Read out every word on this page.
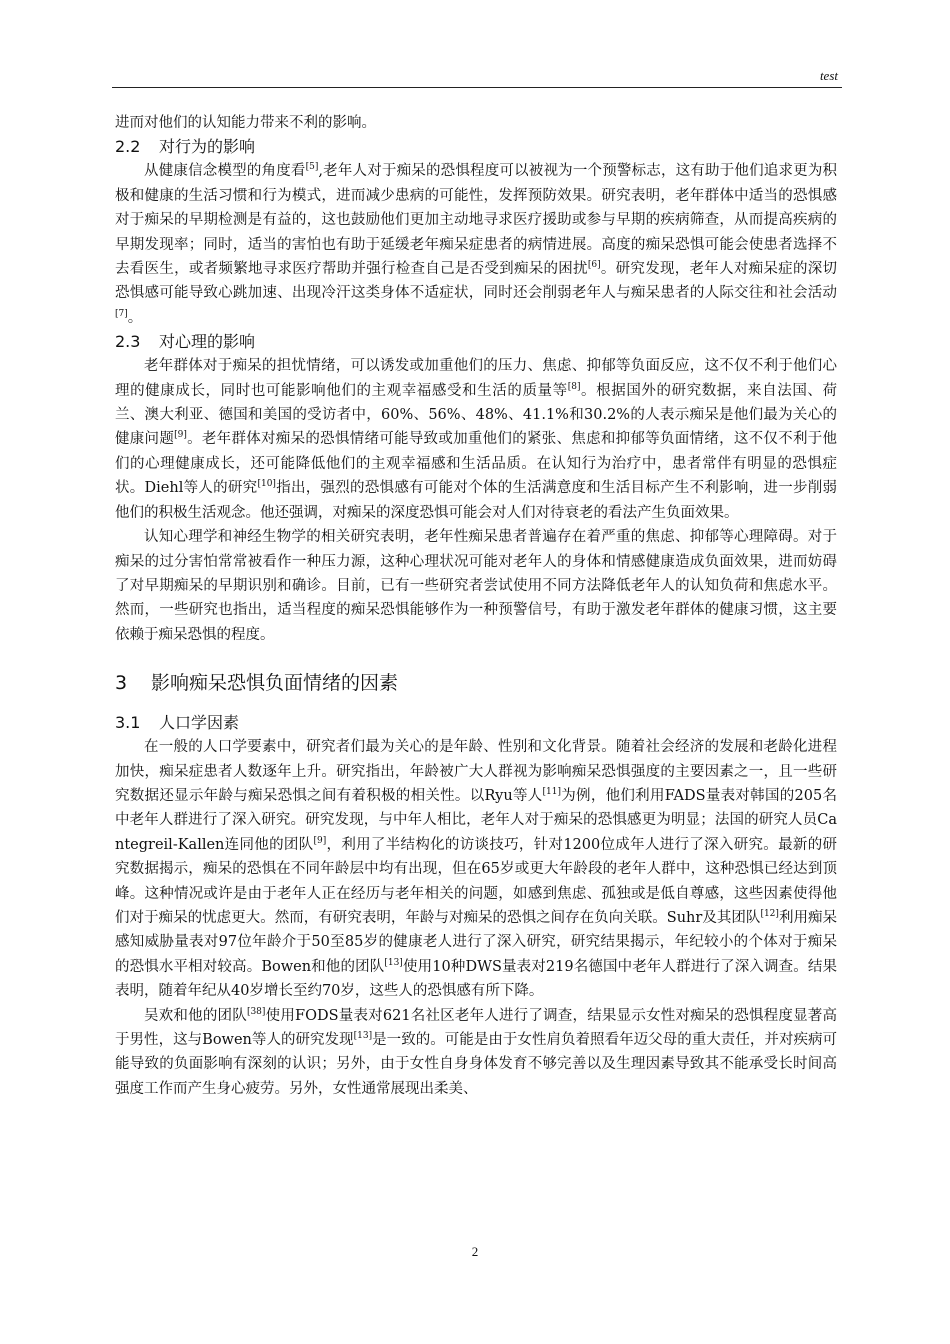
test

进而对他们的认知能力带来不利的影响。

2.2 对行为的影响

从健康信念模型的角度看[5],老年人对于痴呆的恐惧程度可以被视为一个预警标志，这有助于他们追求更为积极和健康的生活习惯和行为模式，进而减少患病的可能性，发挥预防效果。研究表明，老年群体中适当的恐惧感对于痴呆的早期检测是有益的，这也鼓励他们更加主动地寻求医疗援助或参与早期的疾病筛查，从而提高疾病的早期发现率；同时，适当的害怕也有助于延缓老年痴呆症患者的病情进展。高度的痴呆恐惧可能会使患者选择不去看医生，或者频繁地寻求医疗帮助并强行检查自己是否受到痴呆的困扰[6]。研究发现，老年人对痴呆症的深切恐惧感可能导致心跳加速、出现冷汗这类身体不适症状，同时还会削弱老年人与痴呆患者的人际交往和社会活动[7]。

2.3 对心理的影响

老年群体对于痴呆的担忧情绪，可以诱发或加重他们的压力、焦虑、抑郁等负面反应，这不仅不利于他们心理的健康成长，同时也可能影响他们的主观幸福感受和生活的质量等[8]。根据国外的研究数据，来自法国、荷兰、澳大利亚、德国和美国的受访者中，60%、56%、48%、41.1%和30.2%的人表示痴呆是他们最为关心的健康问题[9]。老年群体对痴呆的恐惧情绪可能导致或加重他们的紧张、焦虑和抑郁等负面情绪，这不仅不利于他们的心理健康成长，还可能降低他们的主观幸福感和生活品质。在认知行为治疗中，患者常伴有明显的恐惧症状。Diehl等人的研究[10]指出，强烈的恐惧感有可能对个体的生活满意度和生活目标产生不利影响，进一步削弱他们的积极生活观念。他还强调，对痴呆的深度恐惧可能会对人们对待衰老的看法产生负面效果。

认知心理学和神经生物学的相关研究表明，老年性痴呆患者普遍存在着严重的焦虑、抑郁等心理障碍。对于痴呆的过分害怕常常被看作一种压力源，这种心理状况可能对老年人的身体和情感健康造成负面效果，进而妨碍了对早期痴呆的早期识别和确诊。目前，已有一些研究者尝试使用不同方法降低老年人的认知负荷和焦虑水平。然而，一些研究也指出，适当程度的痴呆恐惧能够作为一种预警信号，有助于激发老年群体的健康习惯，这主要依赖于痴呆恐惧的程度。

3 影响痴呆恐惧负面情绪的因素
3.1 人口学因素

在一般的人口学要素中，研究者们最为关心的是年龄、性别和文化背景。随着社会经济的发展和老龄化进程加快，痴呆症患者人数逐年上升。研究指出，年龄被广大人群视为影响痴呆恐惧强度的主要因素之一，且一些研究数据还显示年龄与痴呆恐惧之间有着积极的相关性。以Ryu等人[11]为例，他们利用FADS量表对韩国的205名中老年人群进行了深入研究。研究发现，与中年人相比，老年人对于痴呆的恐惧感更为明显；法国的研究人员Cantegreil-Kallen连同他的团队[9]，利用了半结构化的访谈技巧，针对1200位成年人进行了深入研究。最新的研究数据揭示，痴呆的恐惧在不同年龄层中均有出现，但在65岁或更大年龄段的老年人群中，这种恐惧已经达到顶峰。这种情况或许是由于老年人正在经历与老年相关的问题，如感到焦虑、孤独或是低自尊感，这些因素使得他们对于痴呆的忧虑更大。然而，有研究表明，年龄与对痴呆的恐惧之间存在负向关联。Suhr及其团队[12]利用痴呆感知威胁量表对97位年龄介于50至85岁的健康老人进行了深入研究，研究结果揭示，年纪较小的个体对于痴呆的恐惧水平相对较高。Bowen和他的团队[13]使用10种DWS量表对219名德国中老年人群进行了深入调查。结果表明，随着年纪从40岁增长至约70岁，这些人的恐惧感有所下降。

吴欢和他的团队[38]使用FODS量表对621名社区老年人进行了调查，结果显示女性对痴呆的恐惧程度显著高于男性，这与Bowen等人的研究发现[13]是一致的。可能是由于女性肩负着照看年迈父母的重大责任，并对疾病可能导致的负面影响有深刻的认识；另外，由于女性自身身体发育不够完善以及生理因素导致其不能承受长时间高强度工作而产生身心疲劳。另外，女性通常展现出柔美、

2
